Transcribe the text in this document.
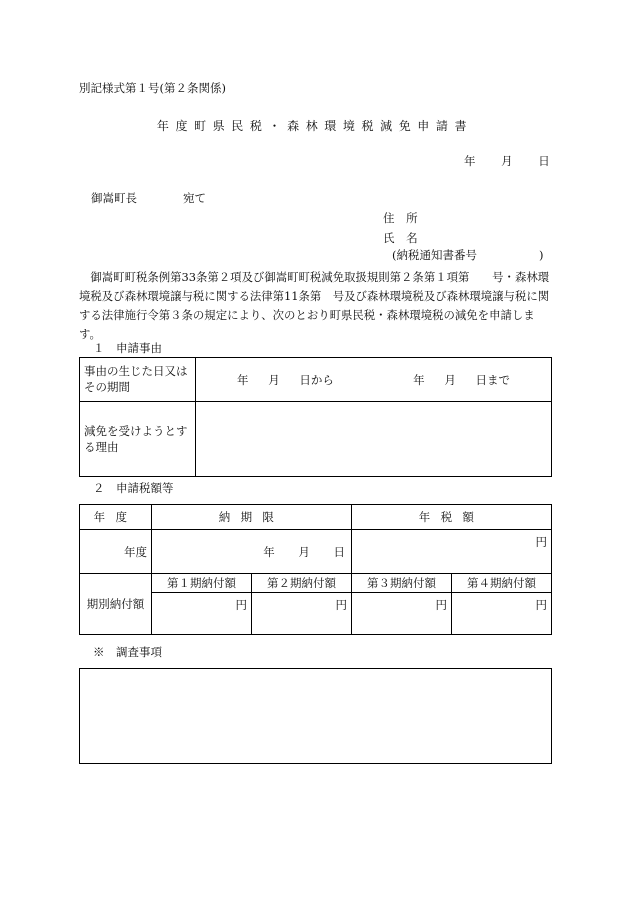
別記様式第１号(第２条関係)
年度町県民税・森林環境税減免申請書
年 月 日
御嵩町長	宛て
住 所
氏 名
(納税通知書番号	)
御嵩町町税条例第33条第２項及び御嵩町町税減免取扱規則第２条第１項第　　号・森林環境税及び森林環境譲与税に関する法律第11条第　号及び森林環境税及び森林環境譲与税に関する法律施行令第３条の規定により、次のとおり町県民税・森林環境税の減免を申請します。
１　申請事由
事由の生じた日又はその期間	年 月 日から 年 月 日まで
減免を受けようとする理由	
２　申請税額等
年度	納期限		年税額	
年度	年 月 日		円	
期別納付額	第１期納付額	第２期納付額	第３期納付額	第４期納付額
	円	円	円	円
※　調査事項
